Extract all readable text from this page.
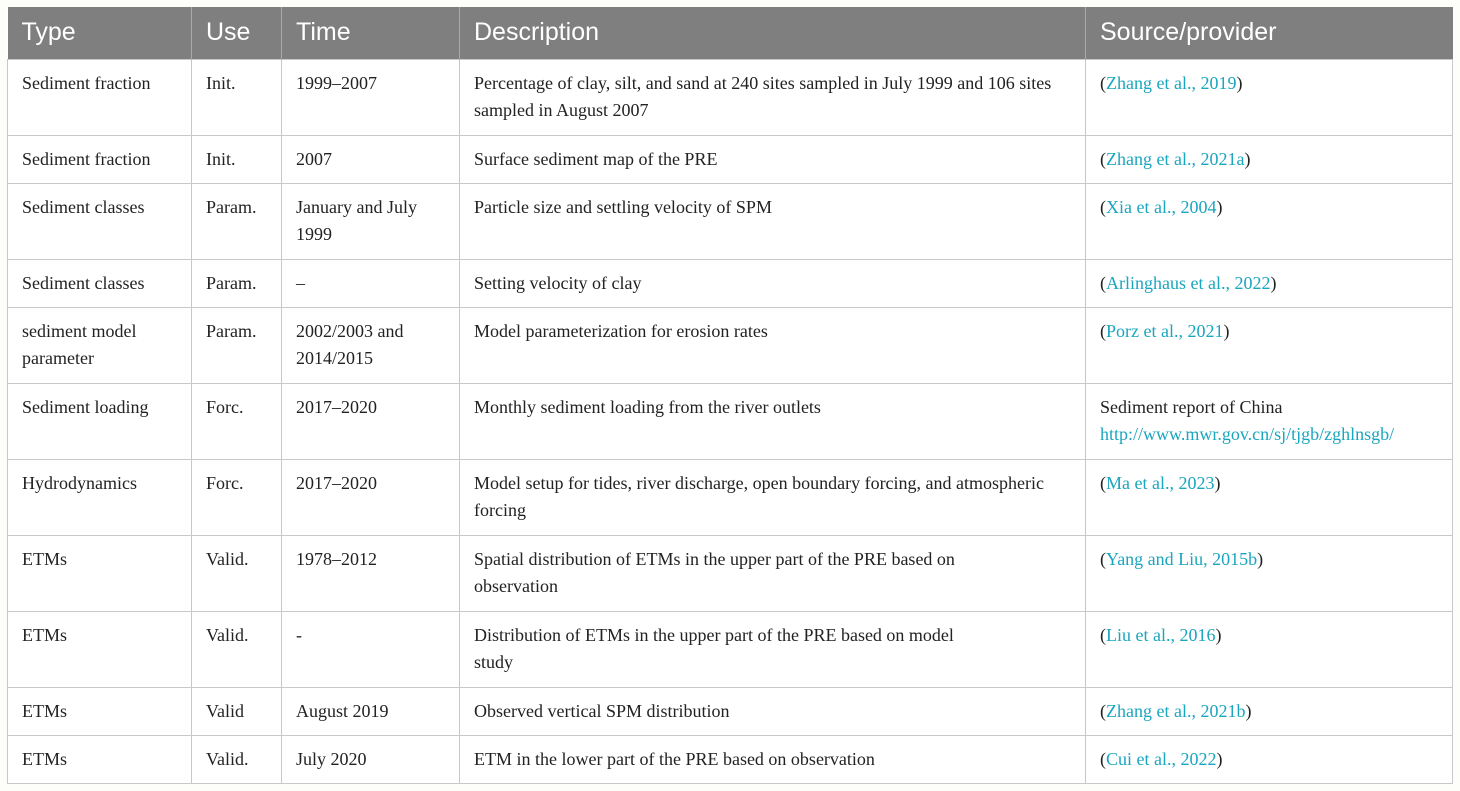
Type	Use	Time	Description	Source/provider
Sediment fraction	Init.	1999–2007	Percentage of clay, silt, and sand at 240 sites sampled in July 1999 and 106 sites sampled in August 2007	(Zhang et al., 2019)
Sediment fraction	Init.	2007	Surface sediment map of the PRE	(Zhang et al., 2021a)
Sediment classes	Param.	January and July 1999	Particle size and settling velocity of SPM	(Xia et al., 2004)
Sediment classes	Param.	–	Setting velocity of clay	(Arlinghaus et al., 2022)
sediment model parameter	Param.	2002/2003 and 2014/2015	Model parameterization for erosion rates	(Porz et al., 2021)
Sediment loading	Forc.	2017–2020	Monthly sediment loading from the river outlets	Sediment report of China http://www.mwr.gov.cn/sj/tjgb/zghlnsgb/
Hydrodynamics	Forc.	2017–2020	Model setup for tides, river discharge, open boundary forcing, and atmospheric forcing	(Ma et al., 2023)
ETMs	Valid.	1978–2012	Spatial distribution of ETMs in the upper part of the PRE based on observation	(Yang and Liu, 2015b)
ETMs	Valid.	-	Distribution of ETMs in the upper part of the PRE based on model study	(Liu et al., 2016)
ETMs	Valid	August 2019	Observed vertical SPM distribution	(Zhang et al., 2021b)
ETMs	Valid.	July 2020	ETM in the lower part of the PRE based on observation	(Cui et al., 2022)
